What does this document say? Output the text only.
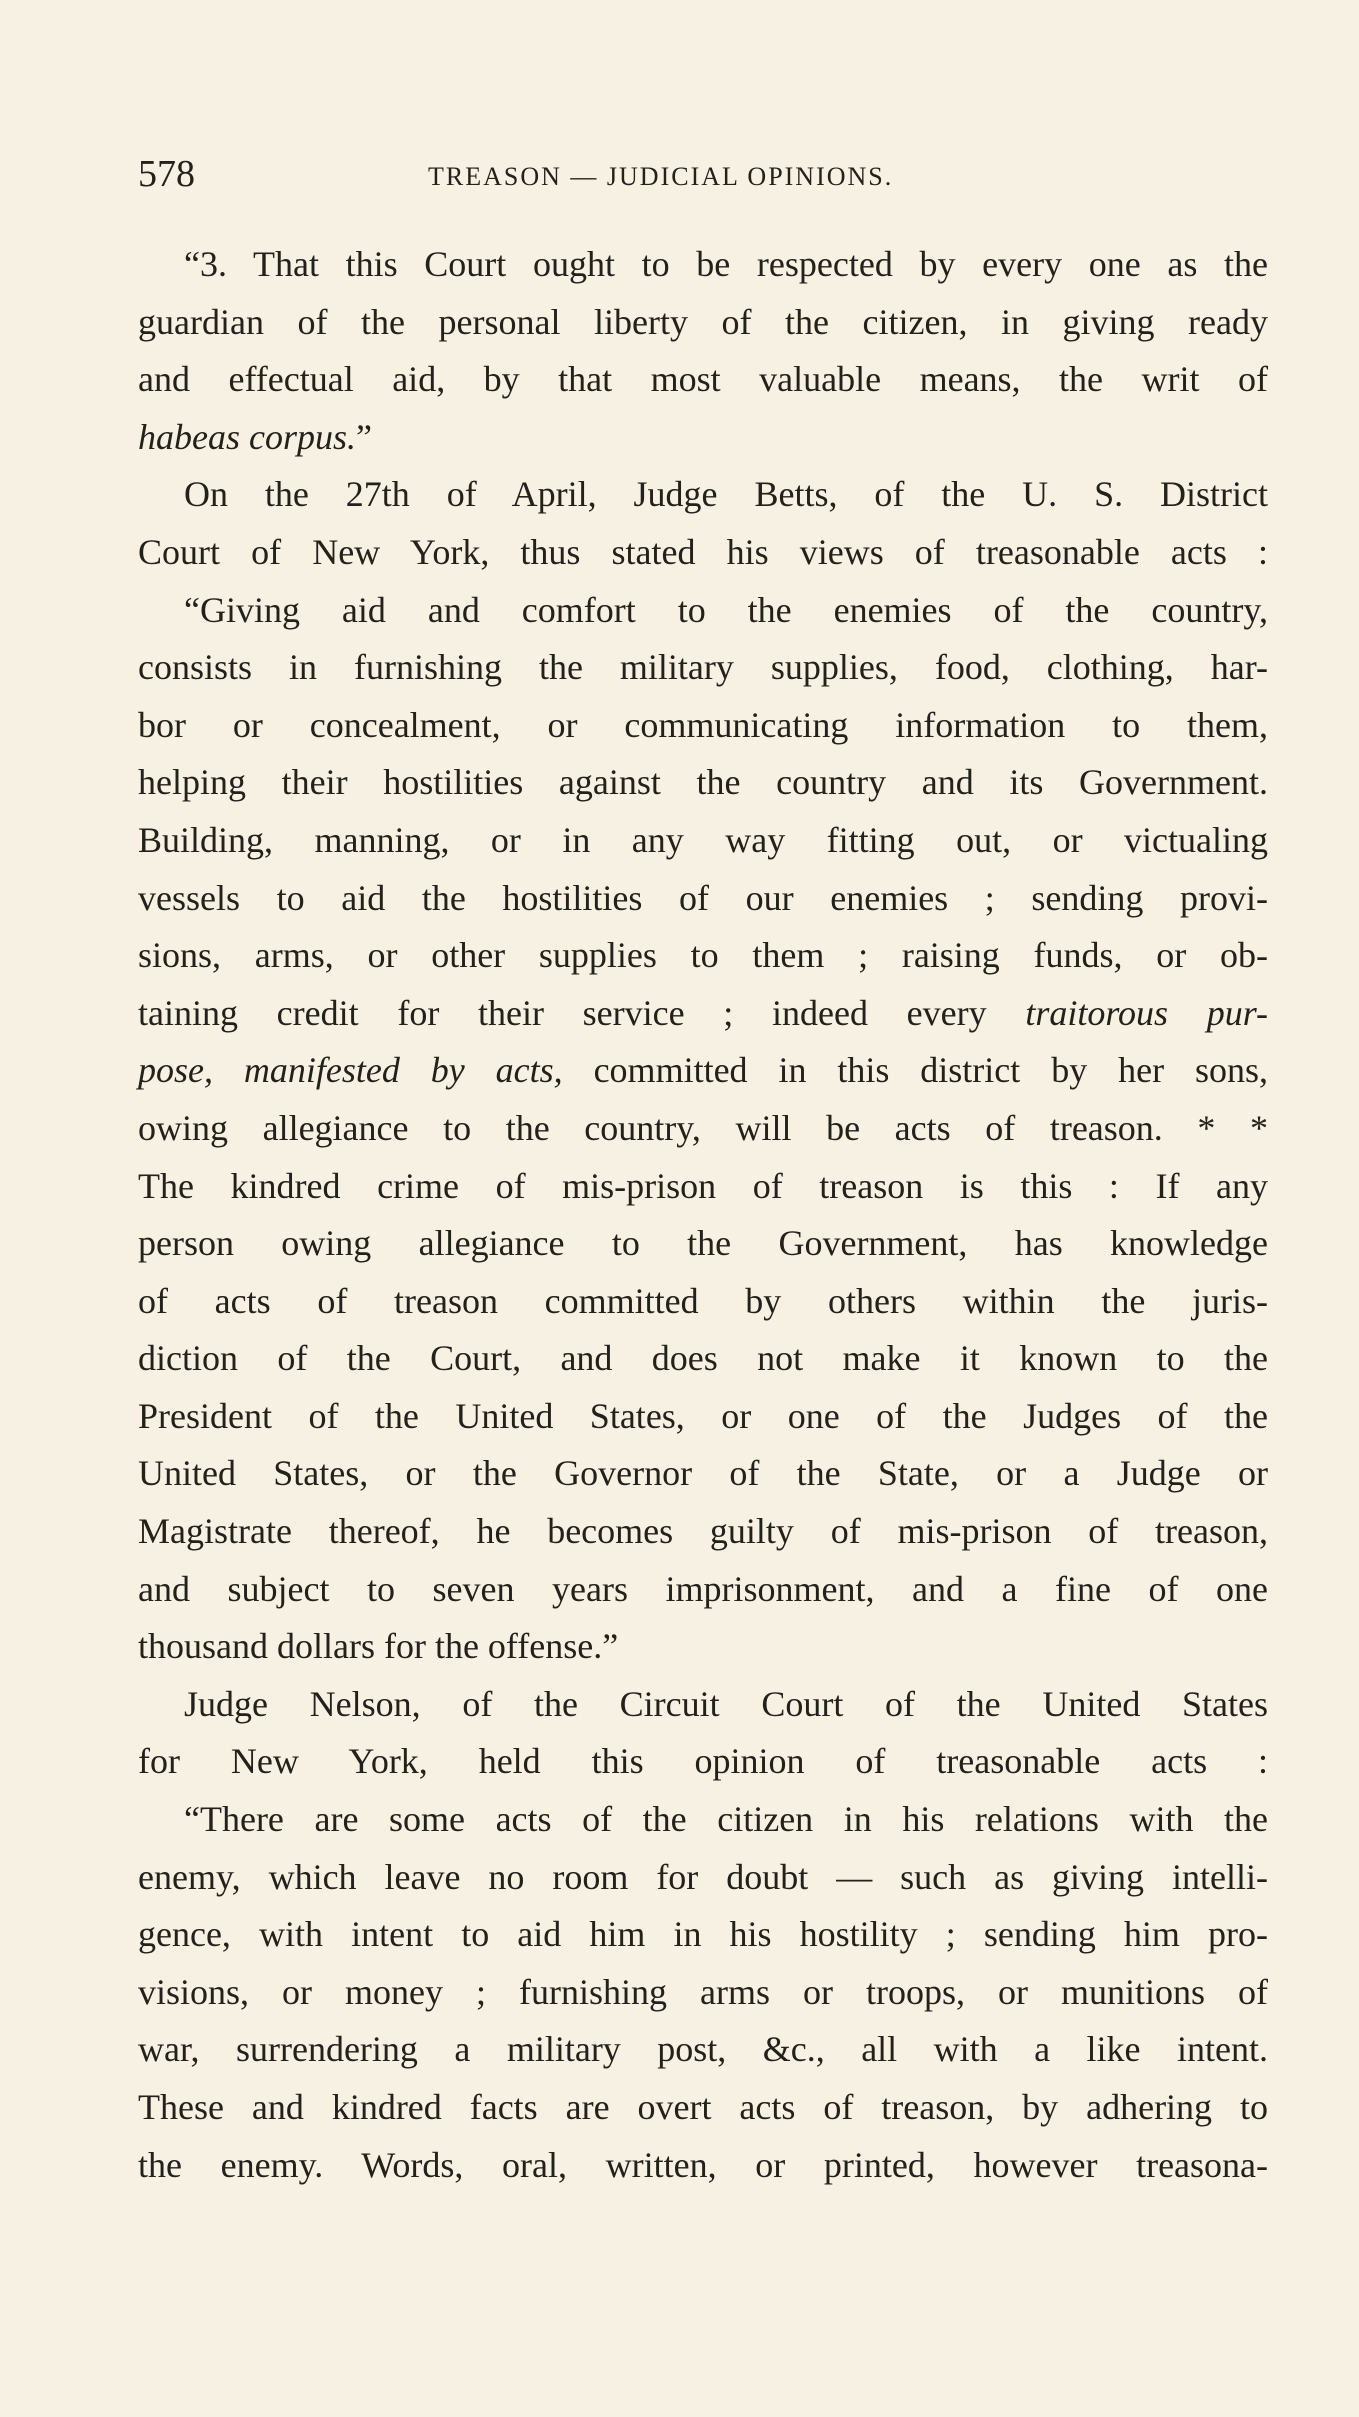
578	TREASON — JUDICIAL OPINIONS.
“3. That this Court ought to be respected by every one as the
guardian of the personal liberty of the citizen, in giving ready
and effectual aid, by that most valuable means, the writ of
habeas corpus.”
On the 27th of April, Judge Betts, of the U. S. District
Court of New York, thus stated his views of treasonable acts :
“Giving aid and comfort to the enemies of the country,
consists in furnishing the military supplies, food, clothing, har-
bor or concealment, or communicating information to them,
helping their hostilities against the country and its Government.
Building, manning, or in any way fitting out, or victualing
vessels to aid the hostilities of our enemies ; sending provi-
sions, arms, or other supplies to them ; raising funds, or ob-
taining credit for their service ; indeed every traitorous pur-
pose, manifested by acts, committed in this district by her sons,
owing allegiance to the country, will be acts of treason. * *
The kindred crime of mis-prison of treason is this : If any
person owing allegiance to the Government, has knowledge
of acts of treason committed by others within the juris-
diction of the Court, and does not make it known to the
President of the United States, or one of the Judges of the
United States, or the Governor of the State, or a Judge or
Magistrate thereof, he becomes guilty of mis-prison of treason,
and subject to seven years imprisonment, and a fine of one
thousand dollars for the offense.”
Judge Nelson, of the Circuit Court of the United States
for New York, held this opinion of treasonable acts :
“There are some acts of the citizen in his relations with the
enemy, which leave no room for doubt — such as giving intelli-
gence, with intent to aid him in his hostility ; sending him pro-
visions, or money ; furnishing arms or troops, or munitions of
war, surrendering a military post, &c., all with a like intent.
These and kindred facts are overt acts of treason, by adhering to
the enemy. Words, oral, written, or printed, however treasona-
